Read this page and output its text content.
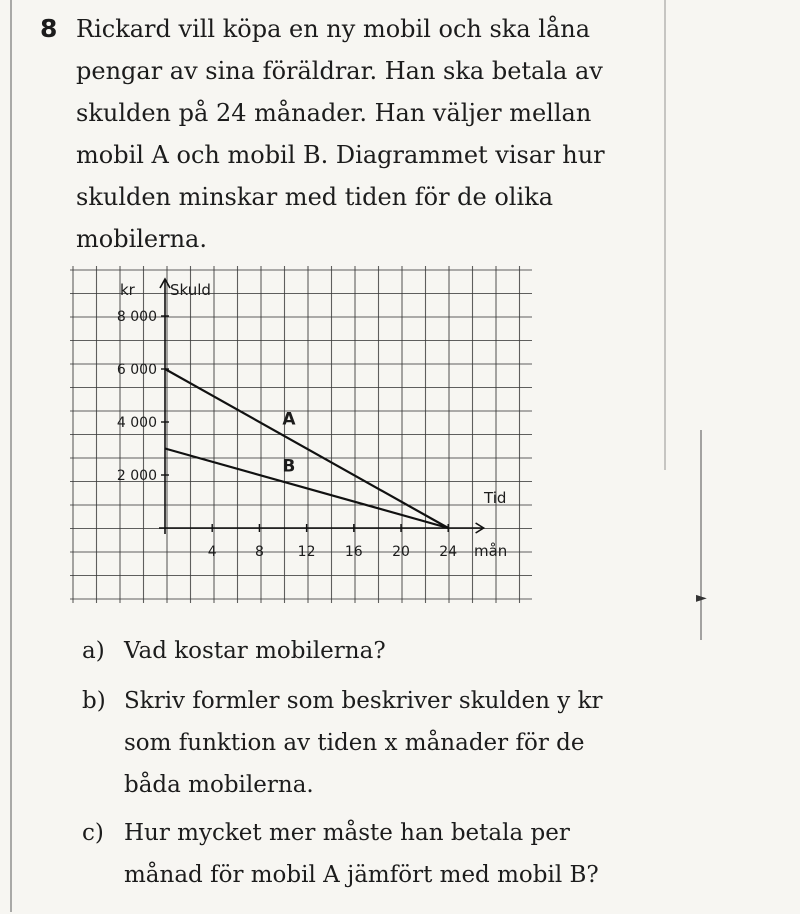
►
8 Rickard vill köpa en ny mobil och ska låna
pengar av sina föräldrar. Han ska betala av
skulden på 24 månader. Han väljer mellan
mobil A och mobil B. Diagrammet visar hur
skulden minskar med tiden för de olika
mobilerna.
2 000
4 000
6 000
8 000
4	8 12 16 20 24
A
B
kr Skuld
Tid
mån
a) Vad kostar mobilerna?
b) Skriv formler som beskriver skulden y kr
som funktion av tiden x månader för de
båda mobilerna.
c) Hur mycket mer måste han betala per
månad för mobil A jämfört med mobil B?
